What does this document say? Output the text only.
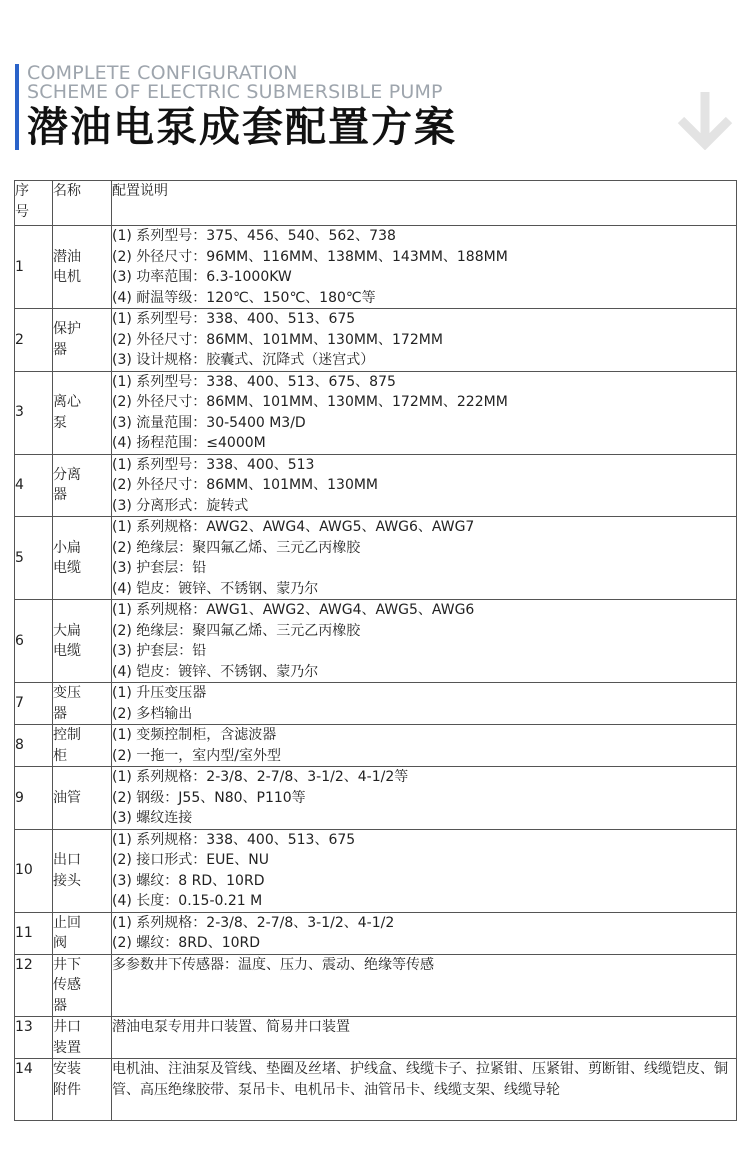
COMPLETE CONFIGURATION
SCHEME OF ELECTRIC SUBMERSIBLE PUMP
潜油电泵成套配置方案
序号	名称	配置说明
1	潜油电机	(1) 系列型号：375、456、540、562、738
(2) 外径尺寸：96MM、116MM、138MM、143MM、188MM
(3) 功率范围：6.3-1000KW
(4) 耐温等级：120℃、150℃、180℃等

2	保护器	(1) 系列型号：338、400、513、675
(2) 外径尺寸：86MM、101MM、130MM、172MM
(3) 设计规格：胶囊式、沉降式（迷宫式）

3	离心泵	(1) 系列型号：338、400、513、675、875
(2) 外径尺寸：86MM、101MM、130MM、172MM、222MM
(3) 流量范围：30-5400 M3/D
(4) 扬程范围：≤4000M

4	分离器	(1) 系列型号：338、400、513
(2) 外径尺寸：86MM、101MM、130MM
(3) 分离形式：旋转式

5	小扁电缆	(1) 系列规格：AWG2、AWG4、AWG5、AWG6、AWG7
(2) 绝缘层：聚四氟乙烯、三元乙丙橡胶
(3) 护套层：铅
(4) 铠皮：镀锌、不锈钢、蒙乃尔

6	大扁电缆	(1) 系列规格：AWG1、AWG2、AWG4、AWG5、AWG6
(2) 绝缘层：聚四氟乙烯、三元乙丙橡胶
(3) 护套层：铅
(4) 铠皮：镀锌、不锈钢、蒙乃尔

7	变压器	(1) 升压变压器
(2) 多档输出

8	控制柜	(1) 变频控制柜，含滤波器
(2) 一拖一，室内型/室外型

9	油管	(1) 系列规格：2-3/8、2-7/8、3-1/2、4-1/2等
(2) 钢级：J55、N80、P110等
(3) 螺纹连接

10	出口接头	(1) 系列规格：338、400、513、675
(2) 接口形式：EUE、NU
(3) 螺纹：8 RD、10RD
(4) 长度：0.15-0.21 M

11	止回阀	(1) 系列规格：2-3/8、2-7/8、3-1/2、4-1/2
(2) 螺纹：8RD、10RD

12	井下传感器	多参数井下传感器：温度、压力、震动、绝缘等传感

13	井口装置	潜油电泵专用井口装置、简易井口装置

14	安装附件	电机油、注油泵及管线、垫圈及丝堵、护线盒、线缆卡子、拉紧钳、压紧钳、剪断钳、线缆铠皮、铜管、高压绝缘胶带、泵吊卡、电机吊卡、油管吊卡、线缆支架、线缆导轮
